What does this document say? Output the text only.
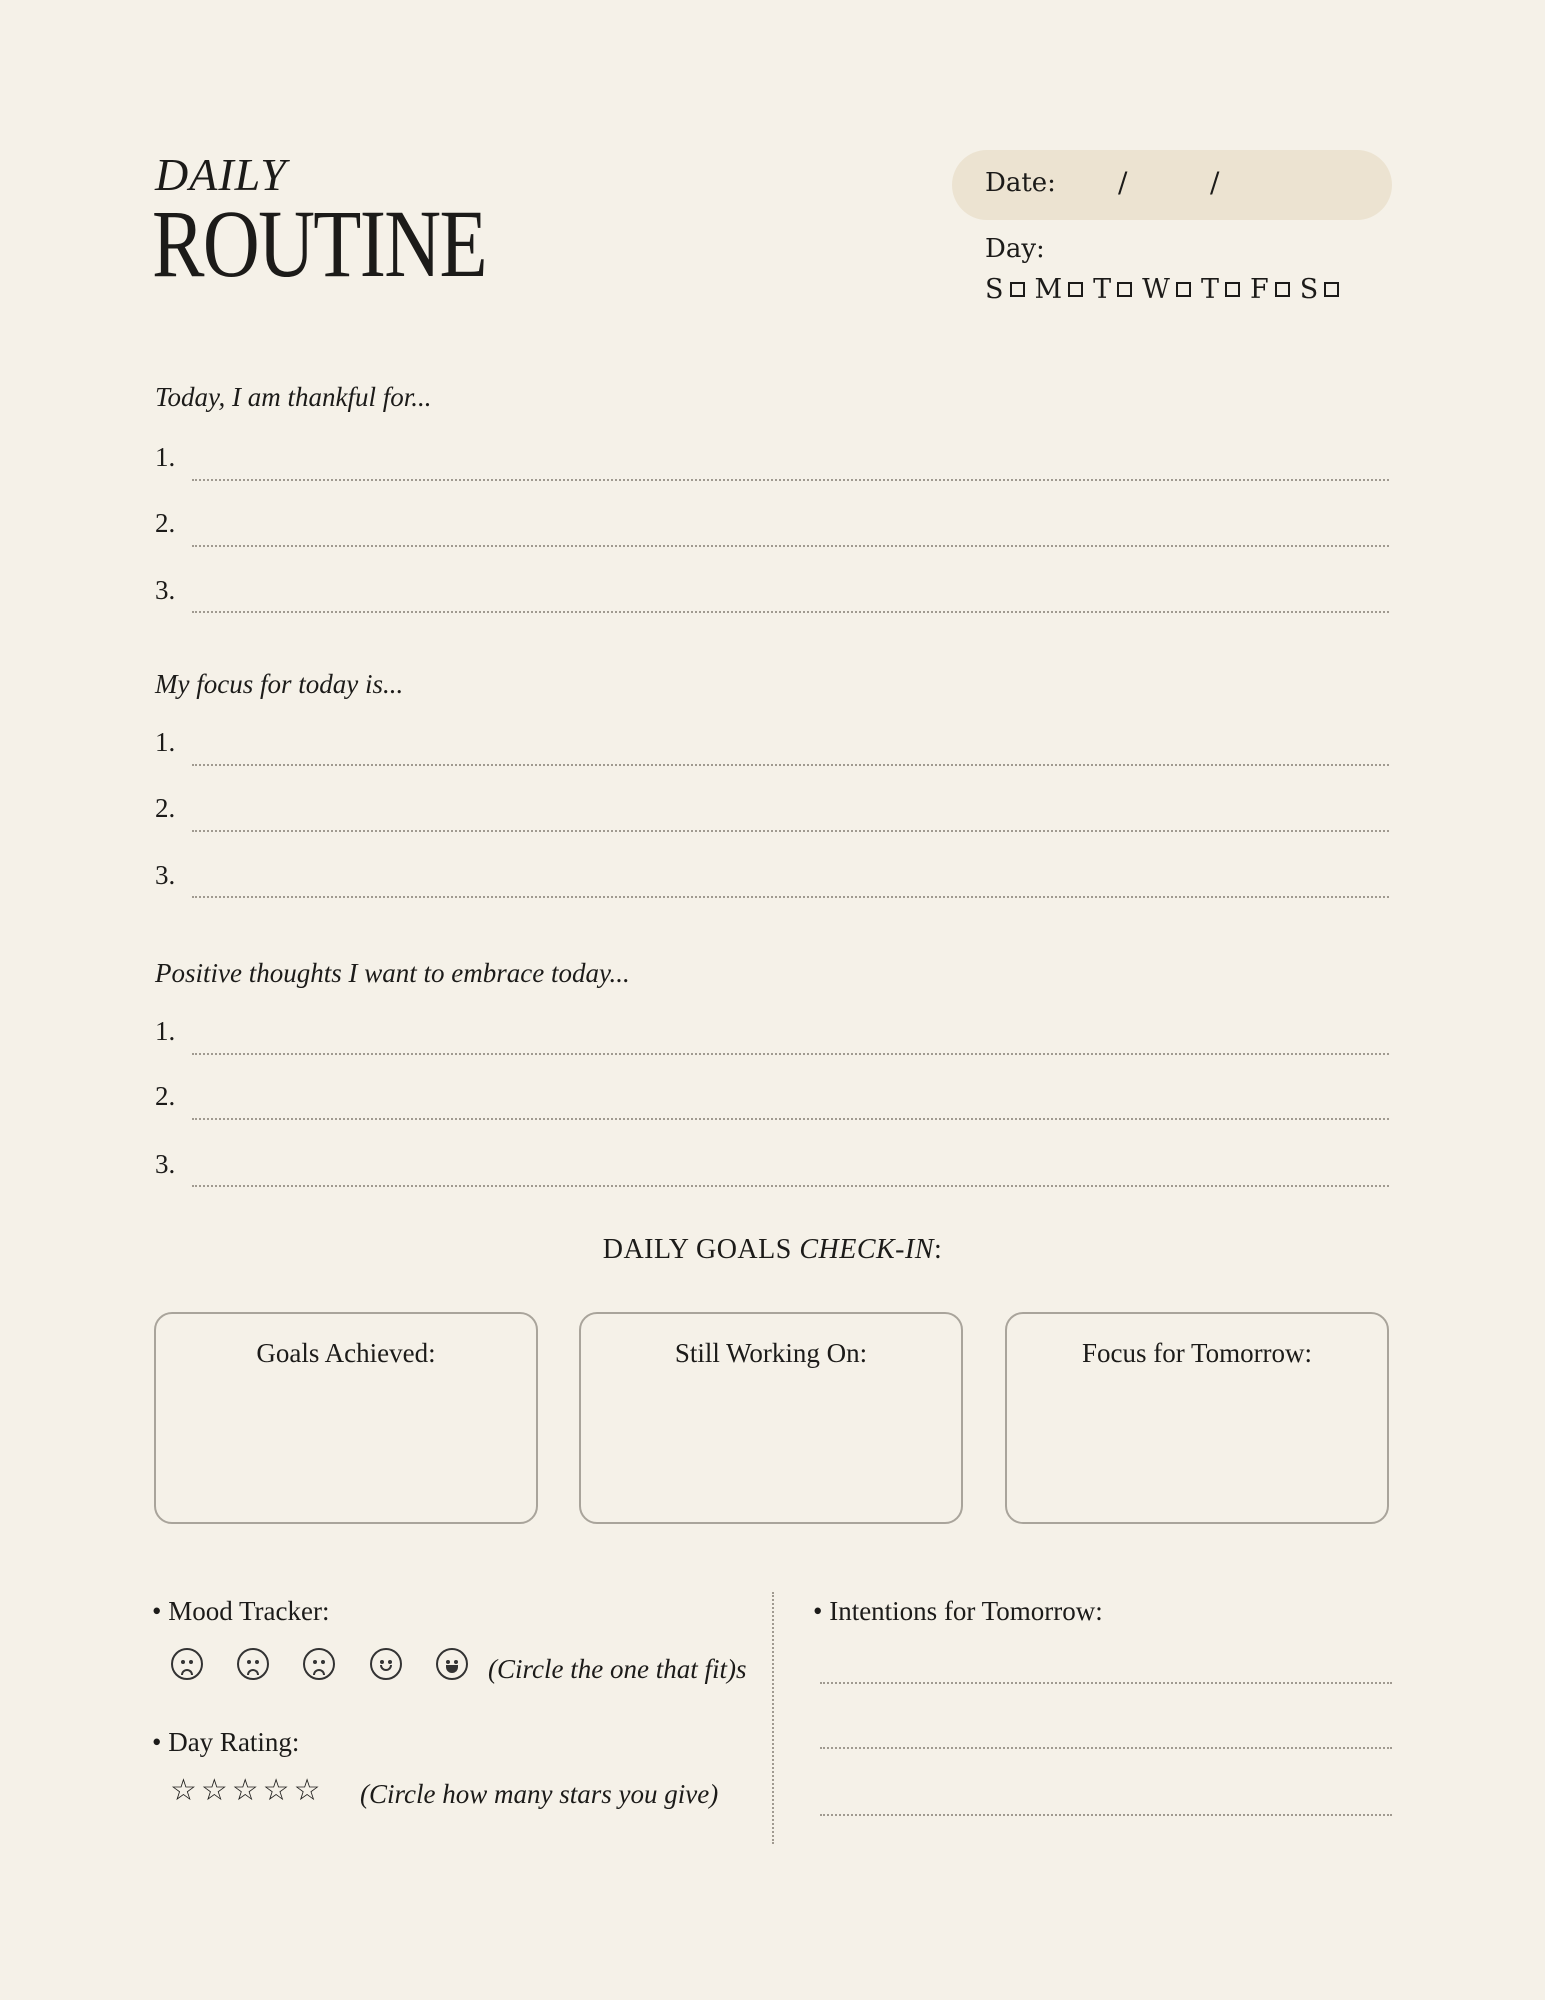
DAILY
ROUTINE
Date: /	/
Day:
S M T W T F S
Today, I am thankful for...
1.
2.
3.
My focus for today is...
1.
2.
3.
Positive thoughts I want to embrace today...
1.
2.
3.
DAILY GOALS CHECK-IN:
Goals Achieved:	Still Working On:	Focus for Tomorrow:
• Mood Tracker:
(Circle the one that fit)s
• Day Rating:
☆☆☆☆☆ (Circle how many stars you give)
• Intentions for Tomorrow:
